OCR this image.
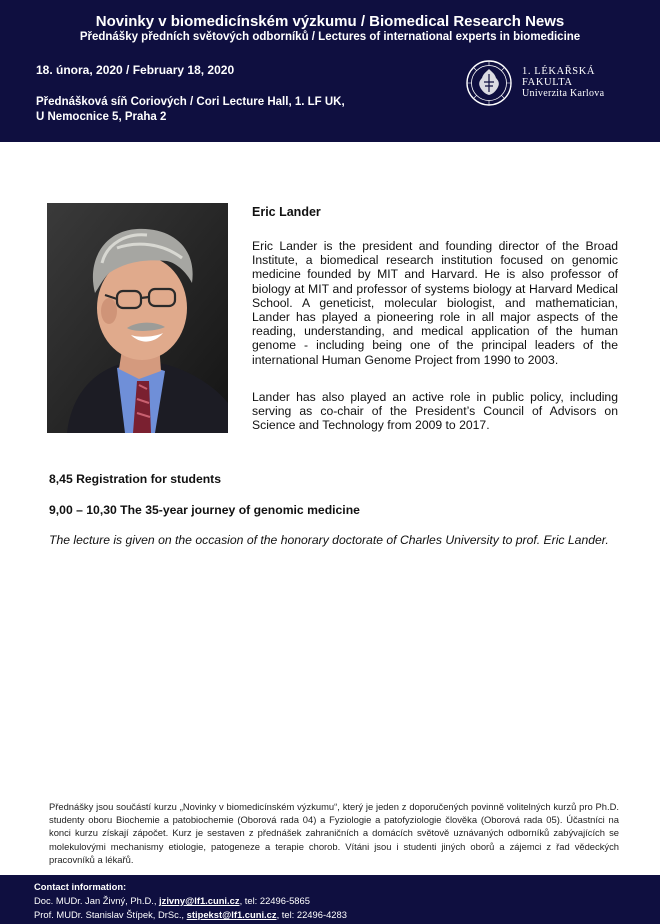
Novinky v biomedicínském výzkumu / Biomedical Research News
Přednášky předních světových odborníků / Lectures of international experts in biomedicine
18. února, 2020 / February 18, 2020
Přednášková síň Coriových / Cori Lecture Hall, 1. LF UK,
U Nemocnice 5, Praha 2
1. LÉKAŘSKÁ
FAKULTA
Univerzita Karlova
Eric Lander
Eric Lander is the president and founding director of the Broad Institute, a biomedical research institution focused on genomic medicine founded by MIT and Harvard. He is also professor of biology at MIT and professor of systems biology at Harvard Medical School. A geneticist, molecular biologist, and mathematician, Lander has played a pioneering role in all major aspects of the reading, understanding, and medical application of the human genome - including being one of the principal leaders of the international Human Genome Project from 1990 to 2003.
Lander has also played an active role in public policy, including serving as co-chair of the President’s Council of Advisors on Science and Technology from 2009 to 2017.
8,45 Registration for students
9,00 – 10,30 The 35-year journey of genomic medicine
The lecture is given on the occasion of the honorary doctorate of Charles University to prof. Eric Lander.
Přednášky jsou součástí kurzu „Novinky v biomedicínském výzkumu“, který je jeden z doporučených povinně volitelných kurzů pro Ph.D. studenty oboru Biochemie a patobiochemie (Oborová rada 04) a Fyziologie a patofyziologie člověka (Oborová rada 05). Účastníci na konci kurzu získají zápočet. Kurz je sestaven z přednášek zahraničních a domácích světově uznávaných odborníků zabývajících se molekulovými mechanismy etiologie, patogeneze a terapie chorob. Vítáni jsou i studenti jiných oborů a zájemci z řad vědeckých pracovníků a lékařů.
Contact information:
Doc. MUDr. Jan Živný, Ph.D., jzivny@lf1.cuni.cz, tel: 22496-5865
Prof. MUDr. Stanislav Štípek, DrSc., stipekst@lf1.cuni.cz, tel: 22496-4283
